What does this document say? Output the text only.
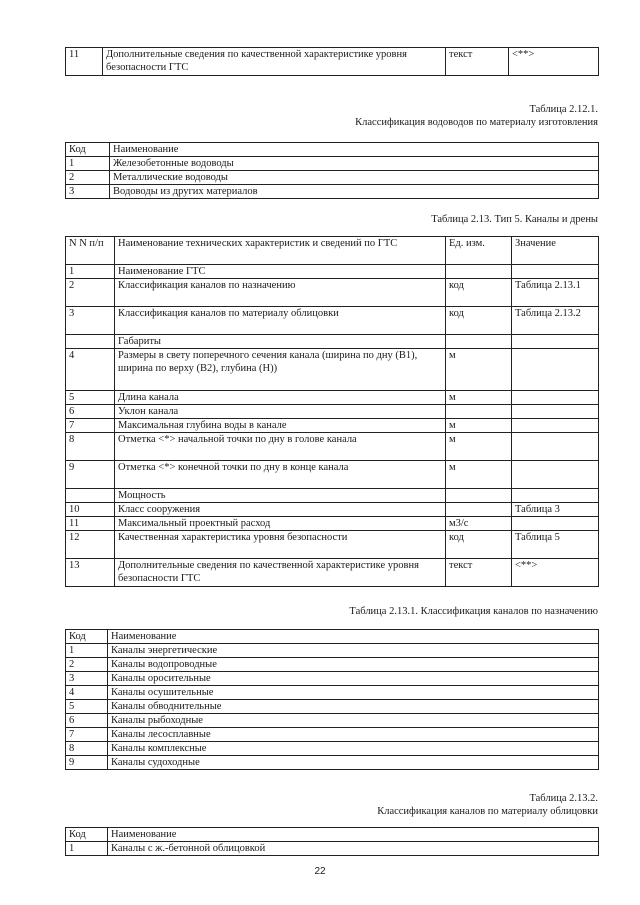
11	Дополнительные сведения по качественной характеристике уровня безопасности ГТС	текст	<**>
Таблица 2.12.1.
Классификация водоводов по материалу изготовления
Код	Наименование
1	Железобетонные водоводы
2	Металлические водоводы
3	Водоводы из других материалов
Таблица 2.13. Тип 5. Каналы и дрены
N N п/п	Наименование технических характеристик и сведений по ГТС	Ед. изм.	Значение
1	Наименование ГТС		
2	Классификация каналов по назначению	код	Таблица 2.13.1
3	Классификация каналов по материалу облицовки	код	Таблица 2.13.2
	Габариты		
4	Размеры в свету поперечного сечения канала (ширина по дну (В1), ширина по верху (В2), глубина (Н))	м	
5	Длина канала	м	
6	Уклон канала		
7	Максимальная глубина воды в канале	м	
8	Отметка <*> начальной точки по дну в голове канала	м	
9	Отметка <*> конечной точки по дну в конце канала	м	
	Мощность		
10	Класс сооружения		Таблица 3
11	Максимальный проектный расход	м3/с	
12	Качественная характеристика уровня безопасности	код	Таблица 5
13	Дополнительные сведения по качественной характеристике уровня безопасности ГТС	текст	<**>
Таблица 2.13.1. Классификация каналов по назначению
Код	Наименование
1	Каналы энергетические
2	Каналы водопроводные
3	Каналы оросительные
4	Каналы осушительные
5	Каналы обводнительные
6	Каналы рыбоходные
7	Каналы лесосплавные
8	Каналы комплексные
9	Каналы судоходные
Таблица 2.13.2.
Классификация каналов по материалу облицовки
Код	Наименование
1	Каналы с ж.-бетонной облицовкой
22
